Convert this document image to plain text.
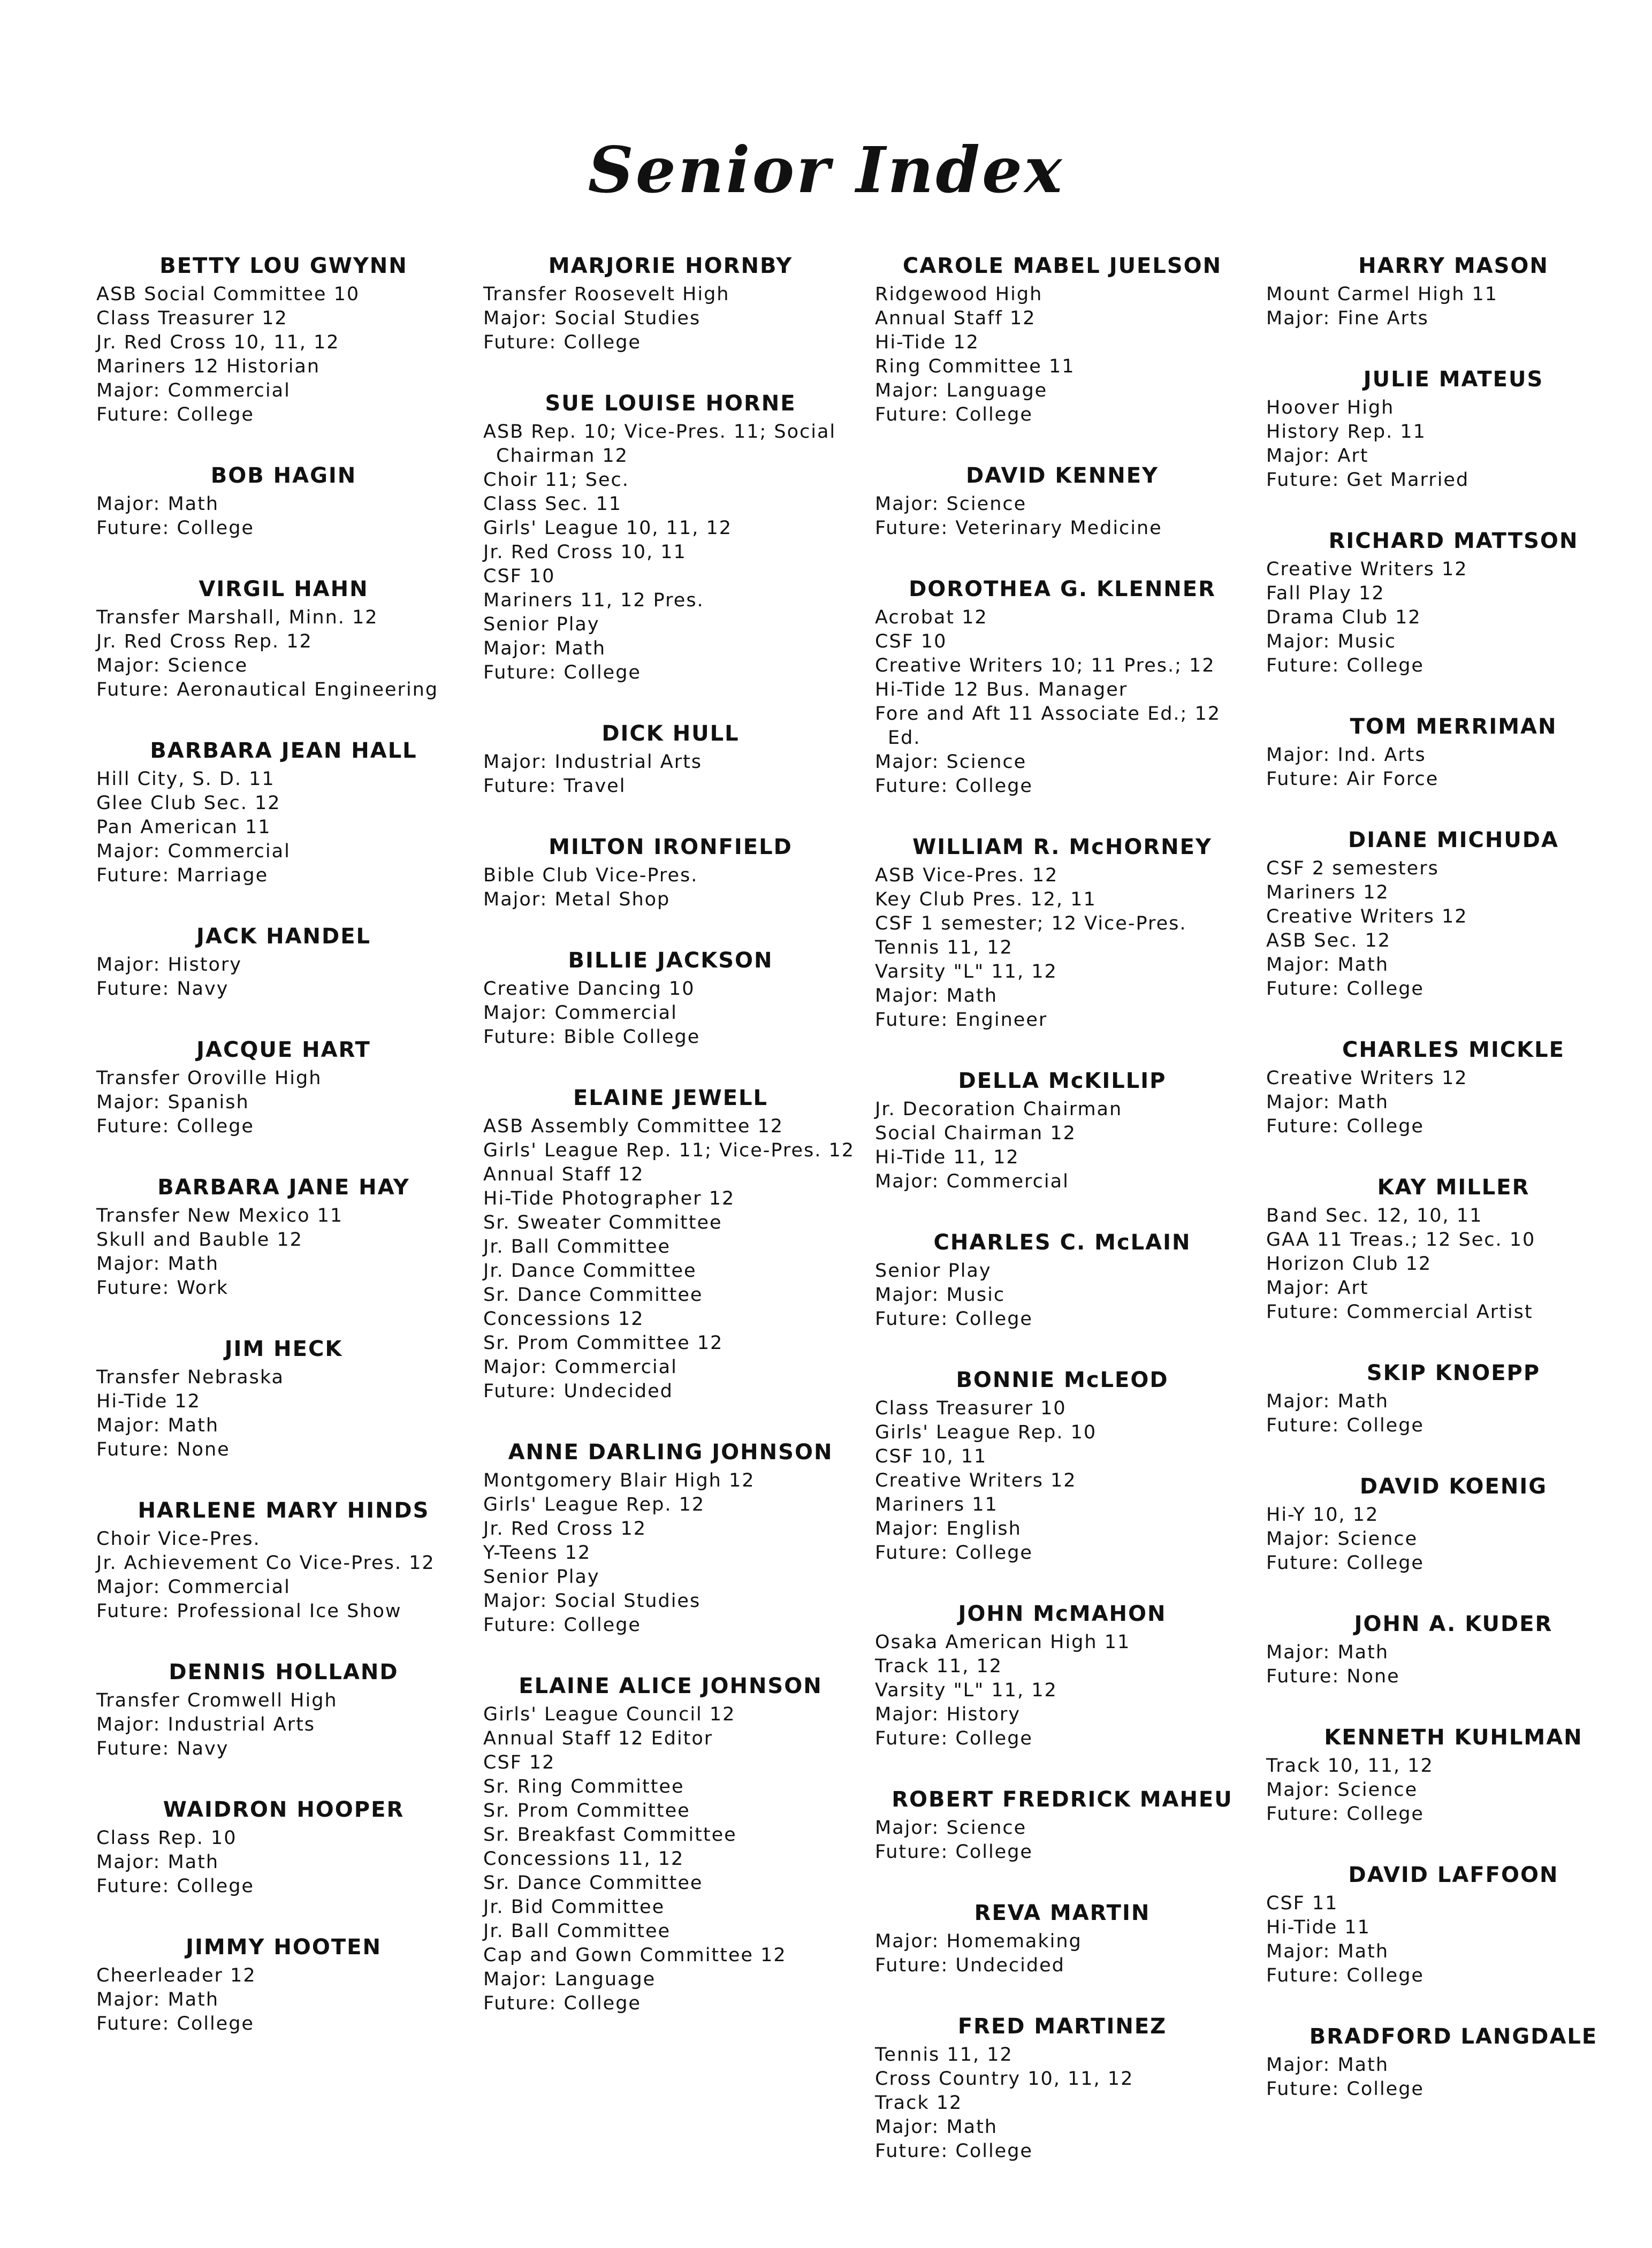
Senior Index
BETTY LOU GWYNN
ASB Social Committee 10
Class Treasurer 12
Jr. Red Cross 10, 11, 12
Mariners 12 Historian
Major: Commercial
Future: College
BOB HAGIN
Major: Math
Future: College
VIRGIL HAHN
Transfer Marshall, Minn. 12
Jr. Red Cross Rep. 12
Major: Science
Future: Aeronautical Engineering
BARBARA JEAN HALL
Hill City, S. D. 11
Glee Club Sec. 12
Pan American 11
Major: Commercial
Future: Marriage
JACK HANDEL
Major: History
Future: Navy
JACQUE HART
Transfer Oroville High
Major: Spanish
Future: College
BARBARA JANE HAY
Transfer New Mexico 11
Skull and Bauble 12
Major: Math
Future: Work
JIM HECK
Transfer Nebraska
Hi-Tide 12
Major: Math
Future: None
HARLENE MARY HINDS
Choir Vice-Pres.
Jr. Achievement Co Vice-Pres. 12
Major: Commercial
Future: Professional Ice Show
DENNIS HOLLAND
Transfer Cromwell High
Major: Industrial Arts
Future: Navy
WAIDRON HOOPER
Class Rep. 10
Major: Math
Future: College
JIMMY HOOTEN
Cheerleader 12
Major: Math
Future: College
MARJORIE HORNBY
Transfer Roosevelt High
Major: Social Studies
Future: College
SUE LOUISE HORNE
ASB Rep. 10; Vice-Pres. 11; Social Chairman 12
Choir 11; Sec.
Class Sec. 11
Girls' League 10, 11, 12
Jr. Red Cross 10, 11
CSF 10
Mariners 11, 12 Pres.
Senior Play
Major: Math
Future: College
DICK HULL
Major: Industrial Arts
Future: Travel
MILTON IRONFIELD
Bible Club Vice-Pres.
Major: Metal Shop
BILLIE JACKSON
Creative Dancing 10
Major: Commercial
Future: Bible College
ELAINE JEWELL
ASB Assembly Committee 12
Girls' League Rep. 11; Vice-Pres. 12
Annual Staff 12
Hi-Tide Photographer 12
Sr. Sweater Committee
Jr. Ball Committee
Jr. Dance Committee
Sr. Dance Committee
Concessions 12
Sr. Prom Committee 12
Major: Commercial
Future: Undecided
ANNE DARLING JOHNSON
Montgomery Blair High 12
Girls' League Rep. 12
Jr. Red Cross 12
Y-Teens 12
Senior Play
Major: Social Studies
Future: College
ELAINE ALICE JOHNSON
Girls' League Council 12
Annual Staff 12 Editor
CSF 12
Sr. Ring Committee
Sr. Prom Committee
Sr. Breakfast Committee
Concessions 11, 12
Sr. Dance Committee
Jr. Bid Committee
Jr. Ball Committee
Cap and Gown Committee 12
Major: Language
Future: College
CAROLE MABEL JUELSON
Ridgewood High
Annual Staff 12
Hi-Tide 12
Ring Committee 11
Major: Language
Future: College
DAVID KENNEY
Major: Science
Future: Veterinary Medicine
DOROTHEA G. KLENNER
Acrobat 12
CSF 10
Creative Writers 10; 11 Pres.; 12
Hi-Tide 12 Bus. Manager
Fore and Aft 11 Associate Ed.; 12 Ed.
Major: Science
Future: College
WILLIAM R. McHORNEY
ASB Vice-Pres. 12
Key Club Pres. 12, 11
CSF 1 semester; 12 Vice-Pres.
Tennis 11, 12
Varsity "L" 11, 12
Major: Math
Future: Engineer
DELLA McKILLIP
Jr. Decoration Chairman
Social Chairman 12
Hi-Tide 11, 12
Major: Commercial
CHARLES C. McLAIN
Senior Play
Major: Music
Future: College
BONNIE McLEOD
Class Treasurer 10
Girls' League Rep. 10
CSF 10, 11
Creative Writers 12
Mariners 11
Major: English
Future: College
JOHN McMAHON
Osaka American High 11
Track 11, 12
Varsity "L" 11, 12
Major: History
Future: College
ROBERT FREDRICK MAHEU
Major: Science
Future: College
REVA MARTIN
Major: Homemaking
Future: Undecided
FRED MARTINEZ
Tennis 11, 12
Cross Country 10, 11, 12
Track 12
Major: Math
Future: College
HARRY MASON
Mount Carmel High 11
Major: Fine Arts
JULIE MATEUS
Hoover High
History Rep. 11
Major: Art
Future: Get Married
RICHARD MATTSON
Creative Writers 12
Fall Play 12
Drama Club 12
Major: Music
Future: College
TOM MERRIMAN
Major: Ind. Arts
Future: Air Force
DIANE MICHUDA
CSF 2 semesters
Mariners 12
Creative Writers 12
ASB Sec. 12
Major: Math
Future: College
CHARLES MICKLE
Creative Writers 12
Major: Math
Future: College
KAY MILLER
Band Sec. 12, 10, 11
GAA 11 Treas.; 12 Sec. 10
Horizon Club 12
Major: Art
Future: Commercial Artist
SKIP KNOEPP
Major: Math
Future: College
DAVID KOENIG
Hi-Y 10, 12
Major: Science
Future: College
JOHN A. KUDER
Major: Math
Future: None
KENNETH KUHLMAN
Track 10, 11, 12
Major: Science
Future: College
DAVID LAFFOON
CSF 11
Hi-Tide 11
Major: Math
Future: College
BRADFORD LANGDALE
Major: Math
Future: College
